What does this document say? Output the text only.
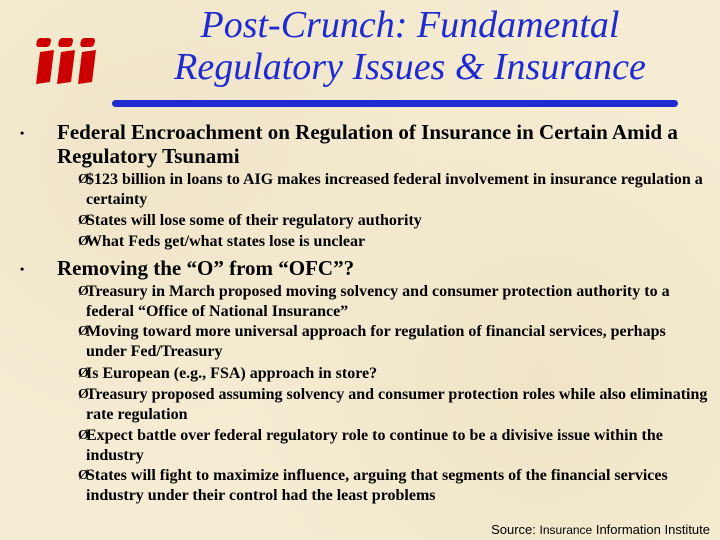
Post-Crunch: Fundamental
Regulatory Issues & Insurance
• Federal Encroachment on Regulation of Insurance in Certain Amid a Regulatory Tsunami
Ø
$123 billion in loans to AIG makes increased federal involvement in insurance regulation a certainty
Ø
States will lose some of their regulatory authority
Ø
What Feds get/what states lose is unclear
• Removing the “O” from “OFC”?
Ø
Treasury in March proposed moving solvency and consumer protection authority to a federal “Office of National Insurance”
Ø
Moving toward more universal approach for regulation of financial services, perhaps under Fed/Treasury
Ø
Is European (e.g., FSA) approach in store?
Ø
Treasury proposed assuming solvency and consumer protection roles while also eliminating rate regulation
Ø
Expect battle over federal regulatory role to continue to be a divisive issue within the industry
Ø
States will fight to maximize influence, arguing that segments of the financial services industry under their control had the least problems
Source: Insurance Information Institute
